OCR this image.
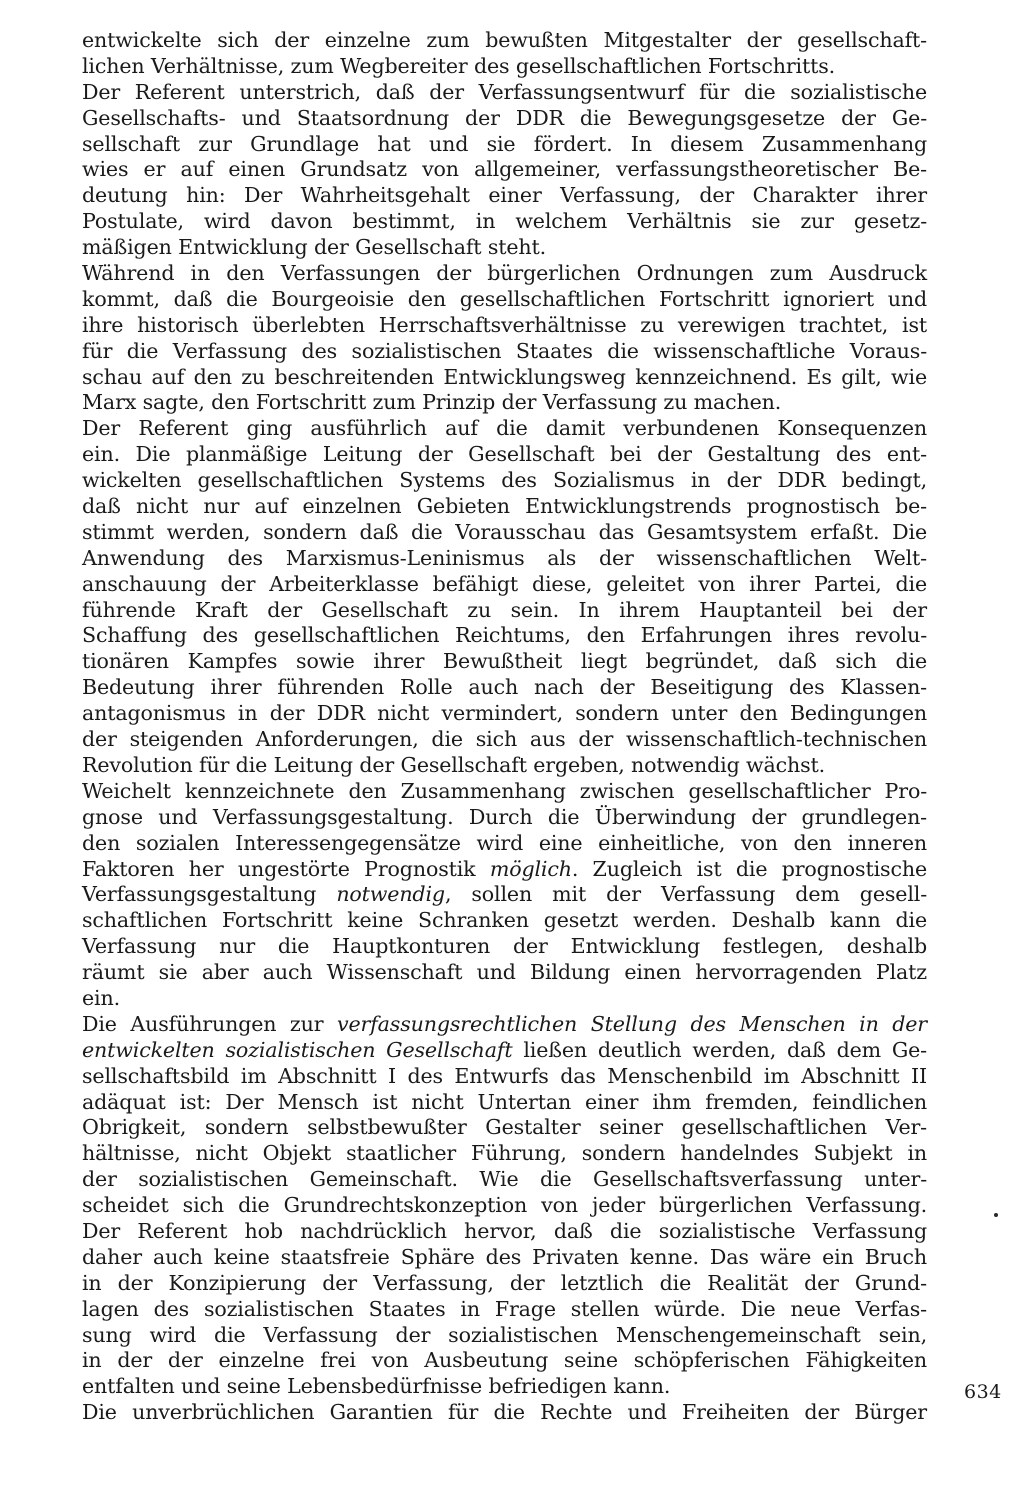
entwickelte sich der einzelne zum bewußten Mitgestalter der gesellschaft-
lichen Verhältnisse, zum Wegbereiter des gesellschaftlichen Fortschritts.
Der Referent unterstrich, daß der Verfassungsentwurf für die sozialistische
Gesellschafts- und Staatsordnung der DDR die Bewegungsgesetze der Ge-
sellschaft zur Grundlage hat und sie fördert. In diesem Zusammenhang
wies er auf einen Grundsatz von allgemeiner, verfassungstheoretischer Be-
deutung hin: Der Wahrheitsgehalt einer Verfassung, der Charakter ihrer
Postulate, wird davon bestimmt, in welchem Verhältnis sie zur gesetz-
mäßigen Entwicklung der Gesellschaft steht.
Während in den Verfassungen der bürgerlichen Ordnungen zum Ausdruck
kommt, daß die Bourgeoisie den gesellschaftlichen Fortschritt ignoriert und
ihre historisch überlebten Herrschaftsverhältnisse zu verewigen trachtet, ist
für die Verfassung des sozialistischen Staates die wissenschaftliche Voraus-
schau auf den zu beschreitenden Entwicklungsweg kennzeichnend. Es gilt, wie
Marx sagte, den Fortschritt zum Prinzip der Verfassung zu machen.
Der Referent ging ausführlich auf die damit verbundenen Konsequenzen
ein. Die planmäßige Leitung der Gesellschaft bei der Gestaltung des ent-
wickelten gesellschaftlichen Systems des Sozialismus in der DDR bedingt,
daß nicht nur auf einzelnen Gebieten Entwicklungstrends prognostisch be-
stimmt werden, sondern daß die Vorausschau das Gesamtsystem erfaßt. Die
Anwendung des Marxismus-Leninismus als der wissenschaftlichen Welt-
anschauung der Arbeiterklasse befähigt diese, geleitet von ihrer Partei, die
führende Kraft der Gesellschaft zu sein. In ihrem Hauptanteil bei der
Schaffung des gesellschaftlichen Reichtums, den Erfahrungen ihres revolu-
tionären Kampfes sowie ihrer Bewußtheit liegt begründet, daß sich die
Bedeutung ihrer führenden Rolle auch nach der Beseitigung des Klassen-
antagonismus in der DDR nicht vermindert, sondern unter den Bedingungen
der steigenden Anforderungen, die sich aus der wissenschaftlich-technischen
Revolution für die Leitung der Gesellschaft ergeben, notwendig wächst.
Weichelt kennzeichnete den Zusammenhang zwischen gesellschaftlicher Pro-
gnose und Verfassungsgestaltung. Durch die Überwindung der grundlegen-
den sozialen Interessengegensätze wird eine einheitliche, von den inneren
Faktoren her ungestörte Prognostik möglich. Zugleich ist die prognostische
Verfassungsgestaltung notwendig, sollen mit der Verfassung dem gesell-
schaftlichen Fortschritt keine Schranken gesetzt werden. Deshalb kann die
Verfassung nur die Hauptkonturen der Entwicklung festlegen, deshalb
räumt sie aber auch Wissenschaft und Bildung einen hervorragenden Platz
ein.
Die Ausführungen zur verfassungsrechtlichen Stellung des Menschen in der
entwickelten sozialistischen Gesellschaft ließen deutlich werden, daß dem Ge-
sellschaftsbild im Abschnitt I des Entwurfs das Menschenbild im Abschnitt II
adäquat ist: Der Mensch ist nicht Untertan einer ihm fremden, feindlichen
Obrigkeit, sondern selbstbewußter Gestalter seiner gesellschaftlichen Ver-
hältnisse, nicht Objekt staatlicher Führung, sondern handelndes Subjekt in
der sozialistischen Gemeinschaft. Wie die Gesellschaftsverfassung unter-
scheidet sich die Grundrechtskonzeption von jeder bürgerlichen Verfassung.
Der Referent hob nachdrücklich hervor, daß die sozialistische Verfassung
daher auch keine staatsfreie Sphäre des Privaten kenne. Das wäre ein Bruch
in der Konzipierung der Verfassung, der letztlich die Realität der Grund-
lagen des sozialistischen Staates in Frage stellen würde. Die neue Verfas-
sung wird die Verfassung der sozialistischen Menschengemeinschaft sein,
in der der einzelne frei von Ausbeutung seine schöpferischen Fähigkeiten
entfalten und seine Lebensbedürfnisse befriedigen kann.
Die unverbrüchlichen Garantien für die Rechte und Freiheiten der Bürger
634
